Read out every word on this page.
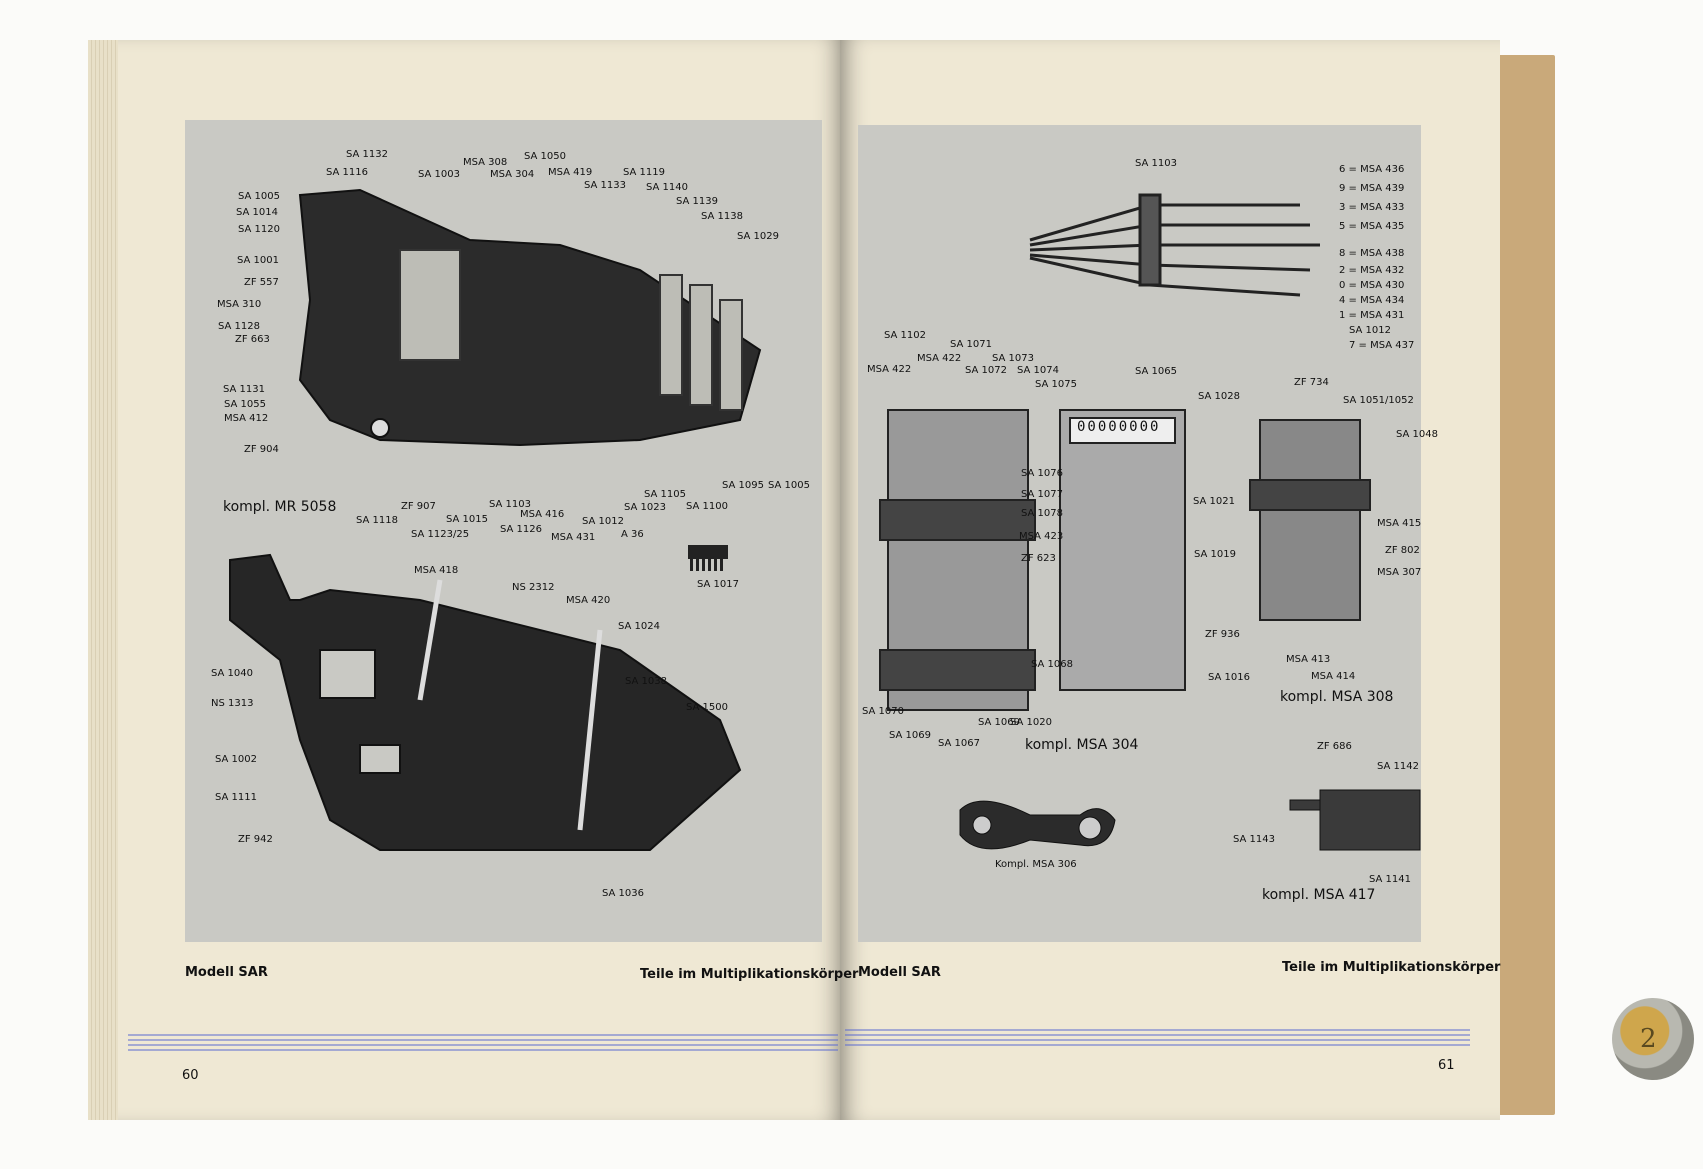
kompl. MR 5058
SA 1132
SA 1116	SA 1003
MSA 308
MSA 304
SA 1050
MSA 419
SA 1133
SA 1119
SA 1140
SA 1139
SA 1138
SA 1029
SA 1005
SA 1014
SA 1120
SA 1001
ZF 557
MSA 310
SA 1128
ZF 663
SA 1131
SA 1055
MSA 412
ZF 904
SA 1118
ZF 907
SA 1123/25
SA 1015
SA 1103
MSA 416
SA 1126
SA 1012
MSA 431	A 36
SA 1105
SA 1023 SA 1100
SA 1095 SA 1005
SA 1017
MSA 418
NS 2312
MSA 420
SA 1024
SA 1040
NS 1313
SA 1038
SA 1500
SA 1002
SA 1111
ZF 942
SA 1036
Modell SAR	Teile im Multiplikationskörper
60
SA 1103
6 = MSA 436
9 = MSA 439
3 = MSA 433
5 = MSA 435
8 = MSA 438
2 = MSA 432
0 = MSA 430
4 = MSA 434
1 = MSA 431
SA 1012
7 = MSA 437
kompl. MSA 304
SA 1102
MSA 422
SA 1071
MSA 422	SA 1073
SA 1072 SA 1074
SA 1075
SA 1076
SA 1077
SA 1078
MSA 423
ZF 623
SA 1068
SA 1070
SA 1069
SA 1067
SA 1069
SA 1020
00000000
SA 1065
SA 1028
SA 1021
SA 1019
ZF 936
SA 1016
kompl. MSA 308
ZF 734
SA 1051/1052
SA 1048
MSA 415
ZF 802
MSA 307
MSA 413
MSA 414
Kompl. MSA 306
kompl. MSA 417
ZF 686
SA 1142
SA 1143
SA 1141
Modell SAR	Teile im Multiplikationskörper
61
2
